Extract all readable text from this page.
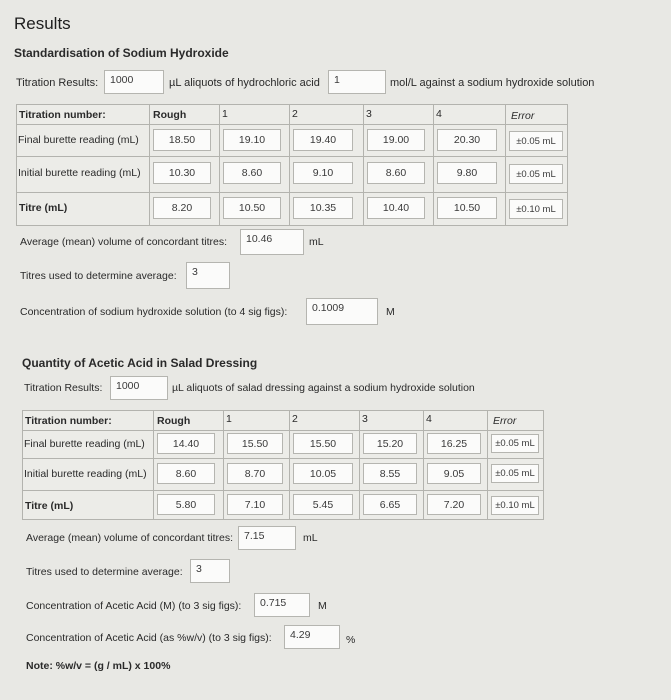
Results
Standardisation of Sodium Hydroxide
Titration Results:	1000	µL aliquots of hydrochloric acid	1	mol/L against a sodium hydroxide solution
Titration number:	Rough	1	2	3	4	Error
Final burette reading (mL)	18.50	19.10	19.40	19.00	20.30	±0.05 mL
Initial burette reading (mL)	10.30	8.60	9.10	8.60	9.80	±0.05 mL
Titre (mL)	8.20	10.50	10.35	10.40	10.50	±0.10 mL
Average (mean) volume of concordant titres:	10.46	mL
Titres used to determine average:	3
Concentration of sodium hydroxide solution (to 4 sig figs):	0.1009	M
Quantity of Acetic Acid in Salad Dressing
Titration Results:	1000	µL aliquots of salad dressing against a sodium hydroxide solution
Titration number:	Rough	1	2	3	4	Error
Final burette reading (mL)	14.40	15.50	15.50	15.20	16.25	±0.05 mL
Initial burette reading (mL)	8.60	8.70	10.05	8.55	9.05	±0.05 mL
Titre (mL)	5.80	7.10	5.45	6.65	7.20	±0.10 mL
Average (mean) volume of concordant titres:	7.15	mL
Titres used to determine average:	3
Concentration of Acetic Acid (M) (to 3 sig figs):	0.715	M
Concentration of Acetic Acid (as %w/v) (to 3 sig figs):	4.29	%
Note: %w/v = (g / mL) x 100%
